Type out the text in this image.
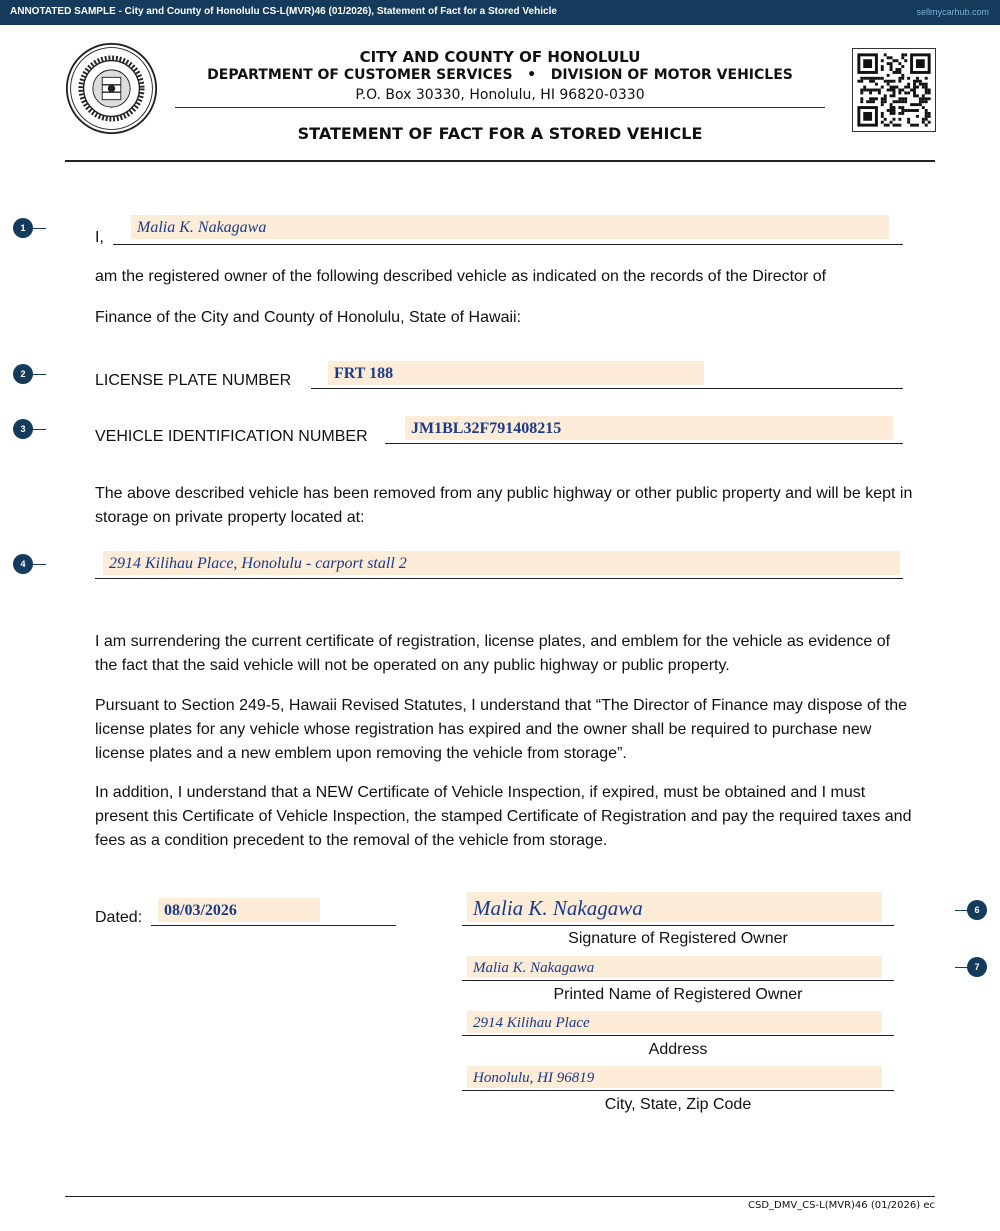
ANNOTATED SAMPLE - City and County of Honolulu CS-L(MVR)46 (01/2026), Statement of Fact for a Stored Vehicle	sellmycarhub.com
CITY AND COUNTY OF HONOLULU
DEPARTMENT OF CUSTOMER SERVICES   •   DIVISION OF MOTOR VEHICLES
P.O. Box 30330, Honolulu, HI 96820-0330
STATEMENT OF FACT FOR A STORED VEHICLE
1
I,
Malia K. Nakagawa
am the registered owner of the following described vehicle as indicated on the records of the Director of
Finance of the City and County of Honolulu, State of Hawaii:
2	LICENSE PLATE NUMBER	FRT 188
3	VEHICLE IDENTIFICATION NUMBER	JM1BL32F791408215
The above described vehicle has been removed from any public highway or other public property and will be kept in storage on private property located at:
4	2914 Kilihau Place, Honolulu - carport stall 2
I am surrendering the current certificate of registration, license plates, and emblem for the vehicle as evidence of the fact that the said vehicle will not be operated on any public highway or public property.
Pursuant to Section 249-5, Hawaii Revised Statutes, I understand that “The Director of Finance may dispose of the license plates for any vehicle whose registration has expired and the owner shall be required to purchase new license plates and a new emblem upon removing the vehicle from storage”.
In addition, I understand that a NEW Certificate of Vehicle Inspection, if expired, must be obtained and I must present this Certificate of Vehicle Inspection, the stamped Certificate of Registration and pay the required taxes and fees as a condition precedent to the removal of the vehicle from storage.
Dated:	08/03/2026	Malia K. Nakagawa
Signature of Registered Owner
6
Malia K. Nakagawa
Printed Name of Registered Owner
7
2914 Kilihau Place
Address
Honolulu, HI 96819
City, State, Zip Code
CSD_DMV_CS-L(MVR)46 (01/2026) ec
